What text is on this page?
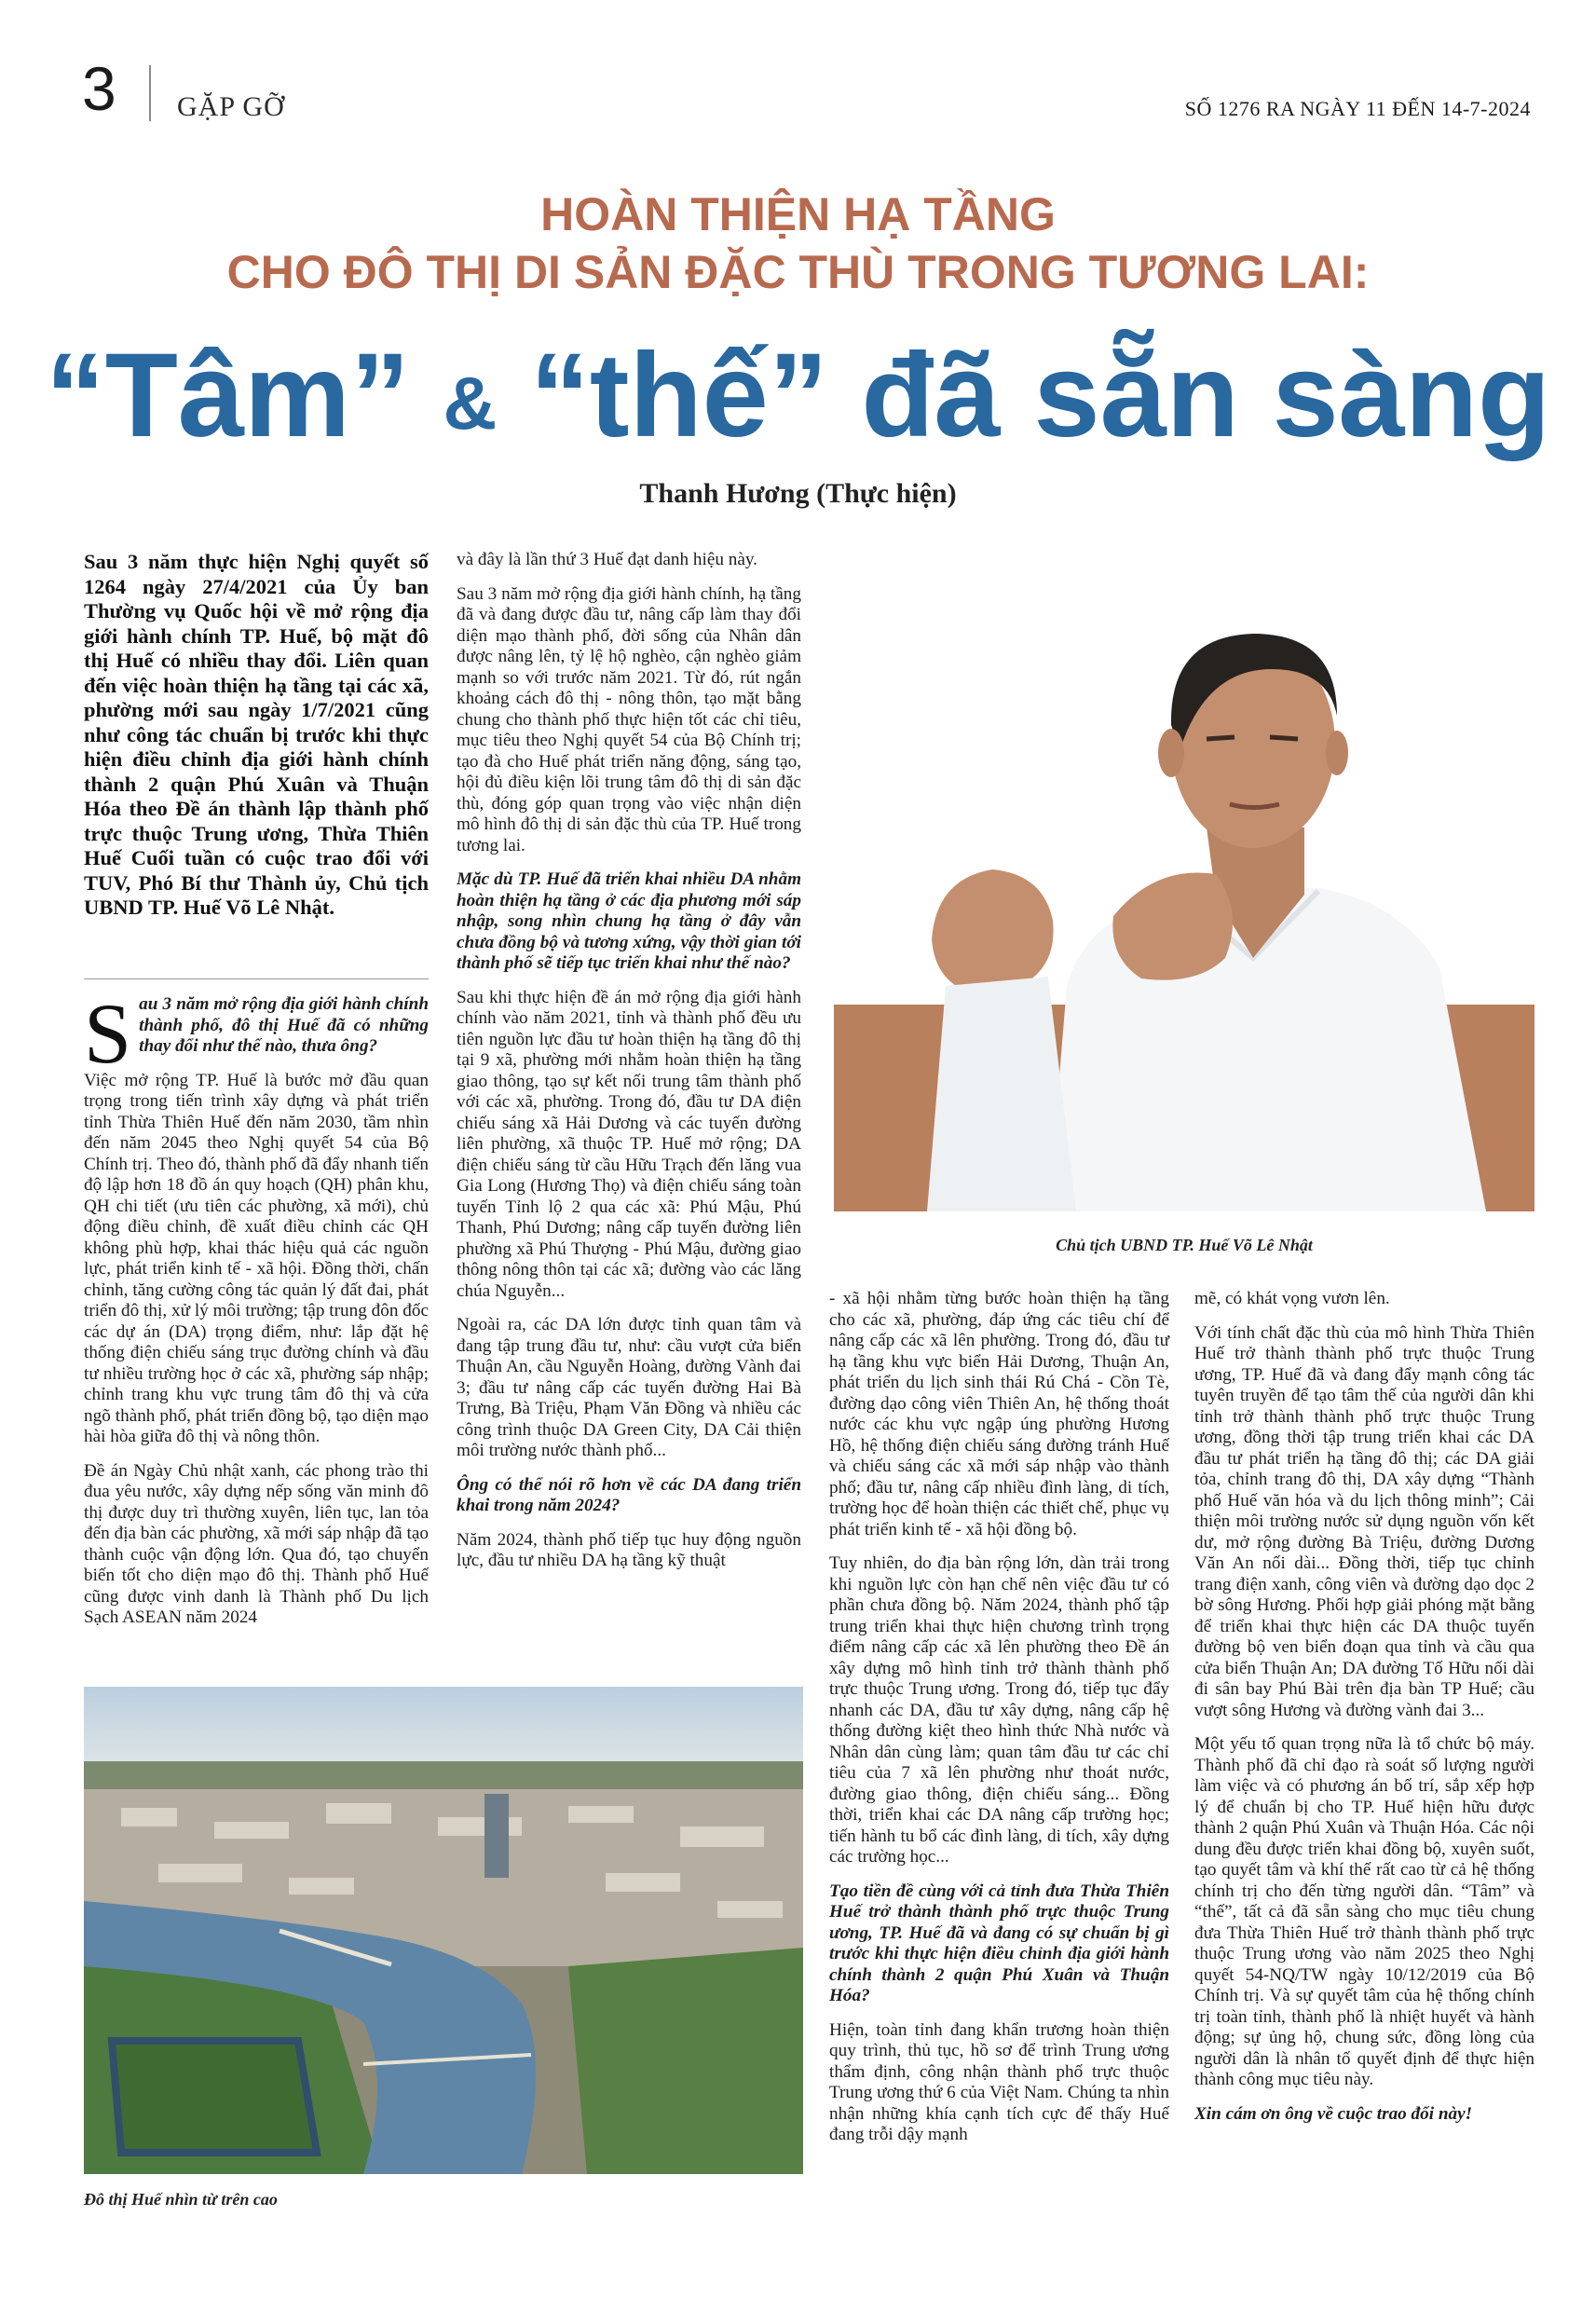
3 GẶP GỠ	SỐ 1276 RA NGÀY 11 ĐẾN 14-7-2024
HOÀN THIỆN HẠ TẦNG
CHO ĐÔ THỊ DI SẢN ĐẶC THÙ TRONG TƯƠNG LAI:
“Tâm” & “thế” đã sẵn sàng
Thanh Hương (Thực hiện)
Sau 3 năm thực hiện Nghị quyết số 1264 ngày 27/4/2021 của Ủy ban Thường vụ Quốc hội về mở rộng địa giới hành chính TP. Huế, bộ mặt đô thị Huế có nhiều thay đổi. Liên quan đến việc hoàn thiện hạ tầng tại các xã, phường mới sau ngày 1/7/2021 cũng như công tác chuẩn bị trước khi thực hiện điều chỉnh địa giới hành chính thành 2 quận Phú Xuân và Thuận Hóa theo Đề án thành lập thành phố trực thuộc Trung ương, Thừa Thiên Huế Cuối tuần có cuộc trao đổi với TUV, Phó Bí thư Thành ủy, Chủ tịch UBND TP. Huế Võ Lê Nhật.

Sau 3 năm mở rộng địa giới hành chính thành phố, đô thị Huế đã có những thay đổi như thế nào, thưa ông?

Việc mở rộng TP. Huế là bước mở đầu quan trọng trong tiến trình xây dựng và phát triển tỉnh Thừa Thiên Huế đến năm 2030, tầm nhìn đến năm 2045 theo Nghị quyết 54 của Bộ Chính trị. Theo đó, thành phố đã đẩy nhanh tiến độ lập hơn 18 đồ án quy hoạch (QH) phân khu, QH chi tiết (ưu tiên các phường, xã mới), chủ động điều chỉnh, đề xuất điều chỉnh các QH không phù hợp, khai thác hiệu quả các nguồn lực, phát triển kinh tế - xã hội. Đồng thời, chấn chỉnh, tăng cường công tác quản lý đất đai, phát triển đô thị, xử lý môi trường; tập trung đôn đốc các dự án (DA) trọng điểm, như: lắp đặt hệ thống điện chiếu sáng trục đường chính và đầu tư nhiều trường học ở các xã, phường sáp nhập; chỉnh trang khu vực trung tâm đô thị và cửa ngõ thành phố, phát triển đồng bộ, tạo diện mạo hài hòa giữa đô thị và nông thôn.

Đề án Ngày Chủ nhật xanh, các phong trào thi đua yêu nước, xây dựng nếp sống văn minh đô thị được duy trì thường xuyên, liên tục, lan tỏa đến địa bàn các phường, xã mới sáp nhập đã tạo thành cuộc vận động lớn. Qua đó, tạo chuyển biến tốt cho diện mạo đô thị. Thành phố Huế cũng được vinh danh là Thành phố Du lịch Sạch ASEAN năm 2024

và đây là lần thứ 3 Huế đạt danh hiệu này.

Sau 3 năm mở rộng địa giới hành chính, hạ tầng đã và đang được đầu tư, nâng cấp làm thay đổi diện mạo thành phố, đời sống của Nhân dân được nâng lên, tỷ lệ hộ nghèo, cận nghèo giảm mạnh so với trước năm 2021. Từ đó, rút ngắn khoảng cách đô thị - nông thôn, tạo mặt bằng chung cho thành phố thực hiện tốt các chỉ tiêu, mục tiêu theo Nghị quyết 54 của Bộ Chính trị; tạo đà cho Huế phát triển năng động, sáng tạo, hội đủ điều kiện lõi trung tâm đô thị di sản đặc thù, đóng góp quan trọng vào việc nhận diện mô hình đô thị di sản đặc thù của TP. Huế trong tương lai.

Mặc dù TP. Huế đã triển khai nhiều DA nhằm hoàn thiện hạ tầng ở các địa phương mới sáp nhập, song nhìn chung hạ tầng ở đây vẫn chưa đồng bộ và tương xứng, vậy thời gian tới thành phố sẽ tiếp tục triển khai như thế nào?

Sau khi thực hiện đề án mở rộng địa giới hành chính vào năm 2021, tỉnh và thành phố đều ưu tiên nguồn lực đầu tư hoàn thiện hạ tầng đô thị tại 9 xã, phường mới nhằm hoàn thiện hạ tầng giao thông, tạo sự kết nối trung tâm thành phố với các xã, phường. Trong đó, đầu tư DA điện chiếu sáng xã Hải Dương và các tuyến đường liên phường, xã thuộc TP. Huế mở rộng; DA điện chiếu sáng từ cầu Hữu Trạch đến lăng vua Gia Long (Hương Thọ) và điện chiếu sáng toàn tuyến Tỉnh lộ 2 qua các xã: Phú Mậu, Phú Thanh, Phú Dương; nâng cấp tuyến đường liên phường xã Phú Thượng - Phú Mậu, đường giao thông nông thôn tại các xã; đường vào các lăng chúa Nguyễn...

Ngoài ra, các DA lớn được tỉnh quan tâm và đang tập trung đầu tư, như: cầu vượt cửa biển Thuận An, cầu Nguyễn Hoàng, đường Vành đai 3; đầu tư nâng cấp các tuyến đường Hai Bà Trưng, Bà Triệu, Phạm Văn Đồng và nhiều các công trình thuộc DA Green City, DA Cải thiện môi trường nước thành phố...

Ông có thể nói rõ hơn về các DA đang triển khai trong năm 2024?

Năm 2024, thành phố tiếp tục huy động nguồn lực, đầu tư nhiều DA hạ tầng kỹ thuật

Chủ tịch UBND TP. Huế Võ Lê Nhật

- xã hội nhằm từng bước hoàn thiện hạ tầng cho các xã, phường, đáp ứng các tiêu chí để nâng cấp các xã lên phường. Trong đó, đầu tư hạ tầng khu vực biển Hải Dương, Thuận An, phát triển du lịch sinh thái Rú Chá - Cồn Tè, đường dạo công viên Thiên An, hệ thống thoát nước các khu vực ngập úng phường Hương Hồ, hệ thống điện chiếu sáng đường tránh Huế và chiếu sáng các xã mới sáp nhập vào thành phố; đầu tư, nâng cấp nhiều đình làng, di tích, trường học để hoàn thiện các thiết chế, phục vụ phát triển kinh tế - xã hội đồng bộ.

Tuy nhiên, do địa bàn rộng lớn, dàn trải trong khi nguồn lực còn hạn chế nên việc đầu tư có phần chưa đồng bộ. Năm 2024, thành phố tập trung triển khai thực hiện chương trình trọng điểm nâng cấp các xã lên phường theo Đề án xây dựng mô hình tỉnh trở thành thành phố trực thuộc Trung ương. Trong đó, tiếp tục đẩy nhanh các DA, đầu tư xây dựng, nâng cấp hệ thống đường kiệt theo hình thức Nhà nước và Nhân dân cùng làm; quan tâm đầu tư các chỉ tiêu của 7 xã lên phường như thoát nước, đường giao thông, điện chiếu sáng... Đồng thời, triển khai các DA nâng cấp trường học; tiến hành tu bổ các đình làng, di tích, xây dựng các trường học...

Tạo tiền đề cùng với cả tỉnh đưa Thừa Thiên Huế trở thành thành phố trực thuộc Trung ương, TP. Huế đã và đang có sự chuẩn bị gì trước khi thực hiện điều chỉnh địa giới hành chính thành 2 quận Phú Xuân và Thuận Hóa?

Hiện, toàn tỉnh đang khẩn trương hoàn thiện quy trình, thủ tục, hồ sơ để trình Trung ương thẩm định, công nhận thành phố trực thuộc Trung ương thứ 6 của Việt Nam. Chúng ta nhìn nhận những khía cạnh tích cực để thấy Huế đang trỗi dậy mạnh

mẽ, có khát vọng vươn lên.

Với tính chất đặc thù của mô hình Thừa Thiên Huế trở thành thành phố trực thuộc Trung ương, TP. Huế đã và đang đẩy mạnh công tác tuyên truyền để tạo tâm thế của người dân khi tỉnh trở thành thành phố trực thuộc Trung ương, đồng thời tập trung triển khai các DA đầu tư phát triển hạ tầng đô thị; các DA giải tỏa, chỉnh trang đô thị, DA xây dựng “Thành phố Huế văn hóa và du lịch thông minh”; Cải thiện môi trường nước sử dụng nguồn vốn kết dư, mở rộng đường Bà Triệu, đường Dương Văn An nối dài... Đồng thời, tiếp tục chỉnh trang điện xanh, công viên và đường dạo dọc 2 bờ sông Hương. Phối hợp giải phóng mặt bằng để triển khai thực hiện các DA thuộc tuyến đường bộ ven biển đoạn qua tỉnh và cầu qua cửa biển Thuận An; DA đường Tố Hữu nối dài đi sân bay Phú Bài trên địa bàn TP Huế; cầu vượt sông Hương và đường vành đai 3...

Một yếu tố quan trọng nữa là tổ chức bộ máy. Thành phố đã chỉ đạo rà soát số lượng người làm việc và có phương án bố trí, sắp xếp hợp lý để chuẩn bị cho TP. Huế hiện hữu được thành 2 quận Phú Xuân và Thuận Hóa. Các nội dung đều được triển khai đồng bộ, xuyên suốt, tạo quyết tâm và khí thế rất cao từ cả hệ thống chính trị cho đến từng người dân. “Tâm” và “thế”, tất cả đã sẵn sàng cho mục tiêu chung đưa Thừa Thiên Huế trở thành thành phố trực thuộc Trung ương vào năm 2025 theo Nghị quyết 54-NQ/TW ngày 10/12/2019 của Bộ Chính trị. Và sự quyết tâm của hệ thống chính trị toàn tỉnh, thành phố là nhiệt huyết và hành động; sự ủng hộ, chung sức, đồng lòng của người dân là nhân tố quyết định để thực hiện thành công mục tiêu này.

Xin cám ơn ông về cuộc trao đổi này!

Đô thị Huế nhìn từ trên cao
